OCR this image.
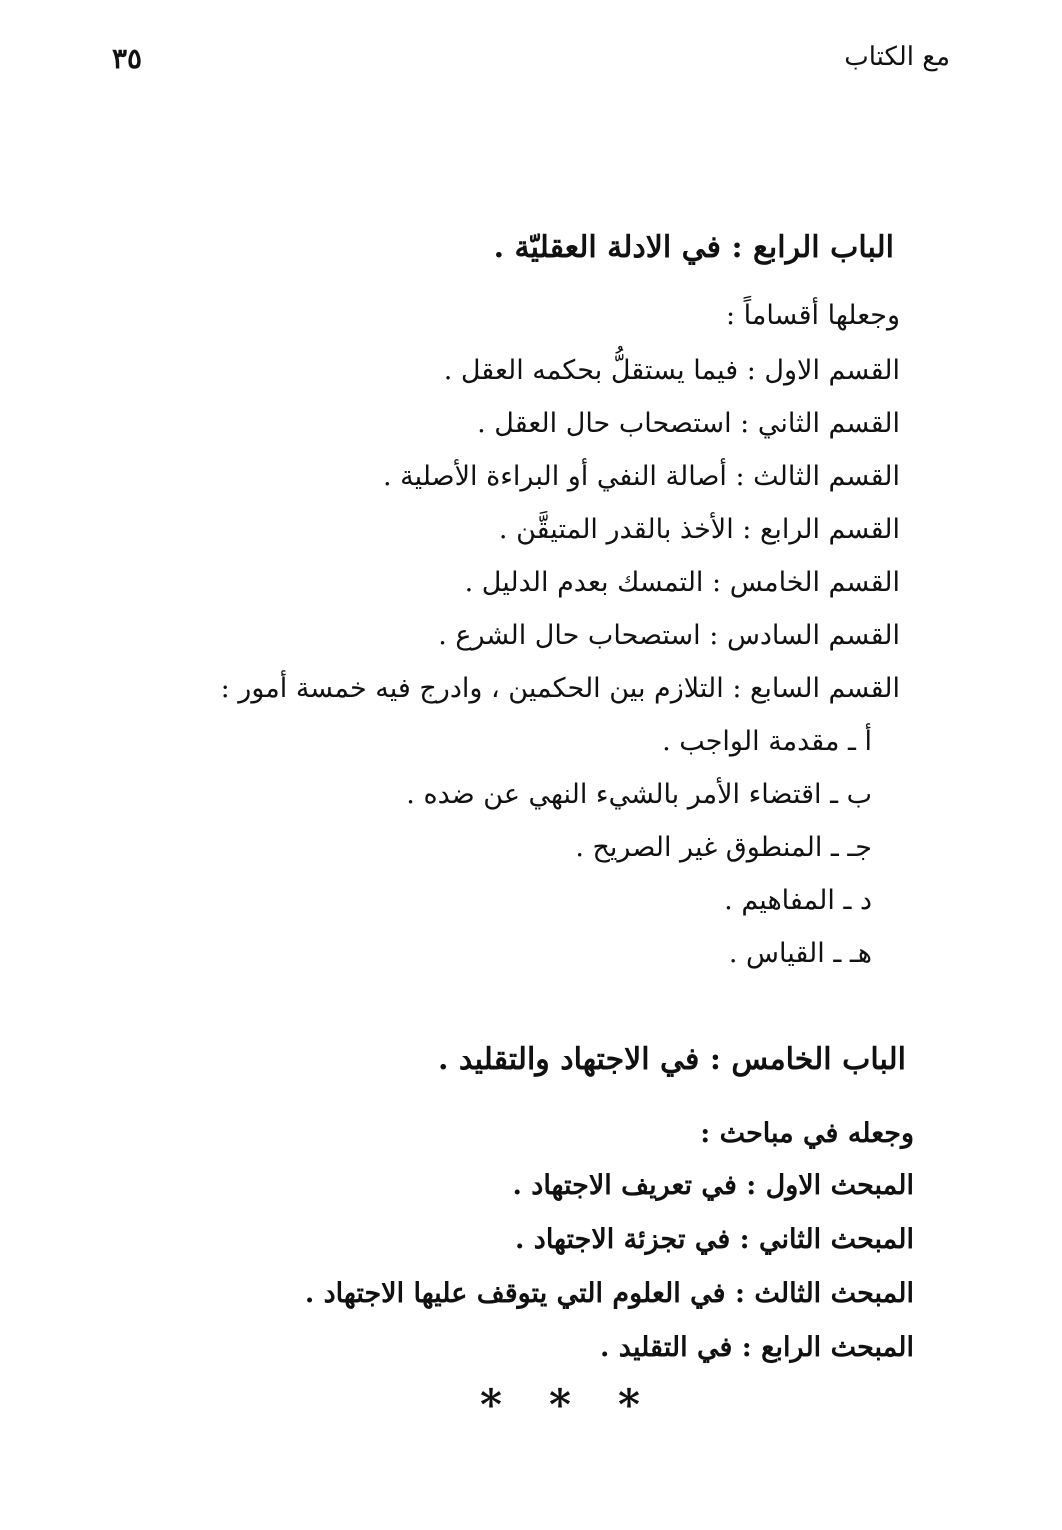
مع الكتاب
٣٥
الباب الرابع : في الادلة العقليّة .
وجعلها أقساماً :
القسم الاول : فيما يستقلُّ بحكمه العقل .
القسم الثاني : استصحاب حال العقل .
القسم الثالث : أصالة النفي أو البراءة الأصلية .
القسم الرابع : الأخذ بالقدر المتيقَّن .
القسم الخامس : التمسك بعدم الدليل .
القسم السادس : استصحاب حال الشرع .
القسم السابع : التلازم بين الحكمين ، وادرج فيه خمسة أمور :
أ ـ مقدمة الواجب .
ب ـ اقتضاء الأمر بالشيء النهي عن ضده .
جـ ـ المنطوق غير الصريح .
د ـ المفاهيم .
هـ ـ القياس .
الباب الخامس : في الاجتهاد والتقليد .
وجعله في مباحث :
المبحث الاول : في تعريف الاجتهاد .
المبحث الثاني : في تجزئة الاجتهاد .
المبحث الثالث : في العلوم التي يتوقف عليها الاجتهاد .
المبحث الرابع : في التقليد .
* * *
